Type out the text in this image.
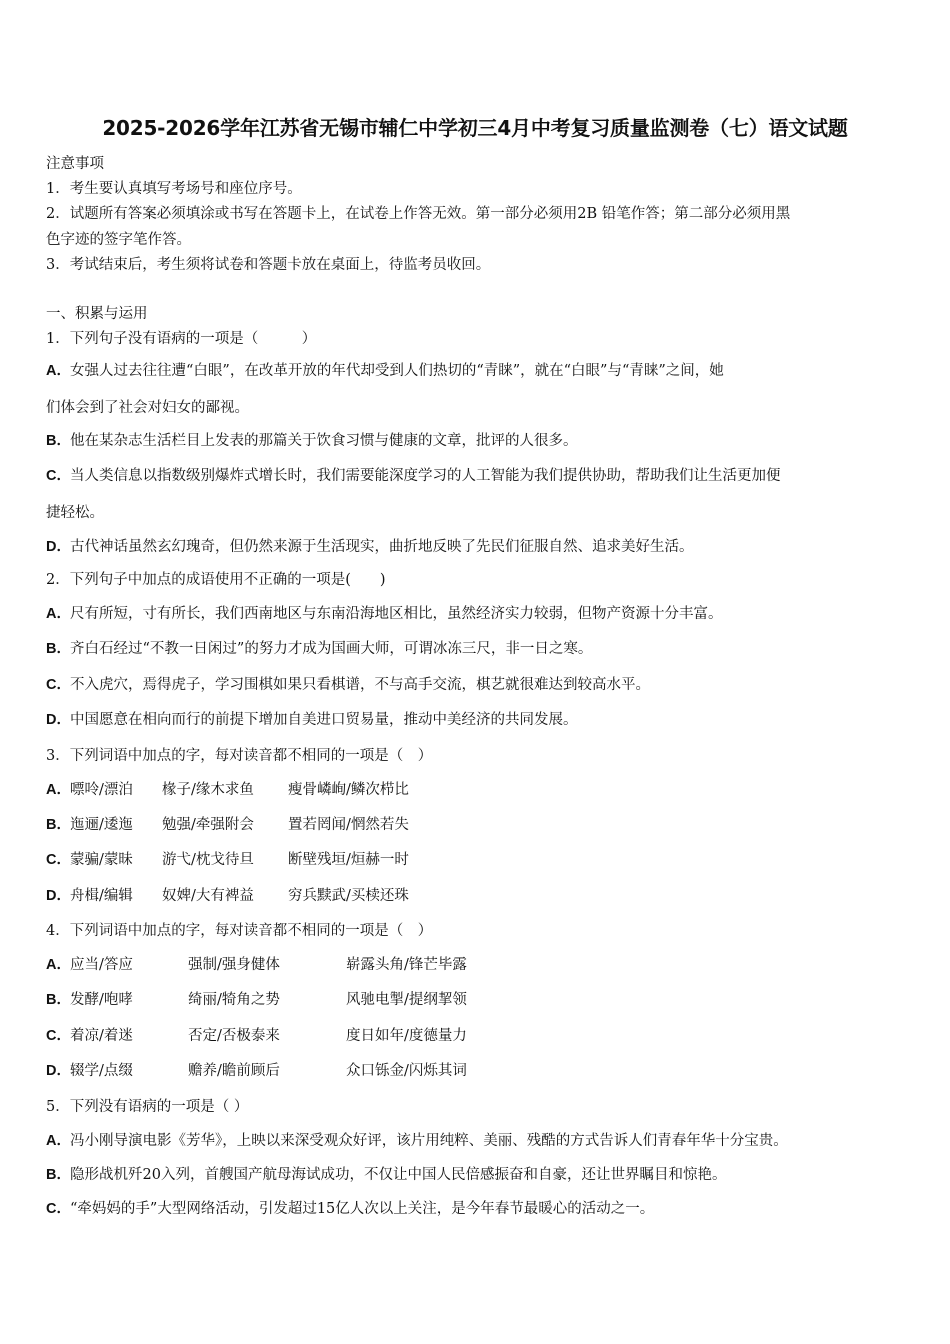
2025-2026学年江苏省无锡市辅仁中学初三4月中考复习质量监测卷（七）语文试题
注意事项
1．考生要认真填写考场号和座位序号。
2．试题所有答案必须填涂或书写在答题卡上，在试卷上作答无效。第一部分必须用2B 铅笔作答；第二部分必须用黑
色字迹的签字笔作答。
3．考试结束后，考生须将试卷和答题卡放在桌面上，待监考员收回。
一、积累与运用
1．下列句子没有语病的一项是（　　　）
A．女强人过去往往遭“白眼”，在改革开放的年代却受到人们热切的“青睐”，就在“白眼”与“青睐”之间，她
们体会到了社会对妇女的鄙视。
B．他在某杂志生活栏目上发表的那篇关于饮食习惯与健康的文章，批评的人很多。
C．当人类信息以指数级别爆炸式增长时，我们需要能深度学习的人工智能为我们提供协助，帮助我们让生活更加便
捷轻松。
D．古代神话虽然玄幻瑰奇，但仍然来源于生活现实，曲折地反映了先民们征服自然、追求美好生活。
2．下列句子中加点的成语使用不正确的一项是(　　)
A．尺有所短，寸有所长，我们西南地区与东南沿海地区相比，虽然经济实力较弱，但物产资源十分丰富。
B．齐白石经过“不教一日闲过”的努力才成为国画大师，可谓冰冻三尺，非一日之寒。
C．不入虎穴，焉得虎子，学习围棋如果只看棋谱，不与高手交流，棋艺就很难达到较高水平。
D．中国愿意在相向而行的前提下增加自美进口贸易量，推动中美经济的共同发展。
3．下列词语中加点的字，每对读音都不相同的一项是（　）
A．嘌呤/漂泊 椽子/缘木求鱼 瘦骨嶙峋/鳞次栉比
B．迤逦/逶迤 勉强/牵强附会 置若罔闻/惘然若失
C．蒙骗/蒙昧 游弋/枕戈待旦 断壁残垣/烜赫一时
D．舟楫/编辑 奴婢/大有裨益 穷兵黩武/买椟还珠
4．下列词语中加点的字，每对读音都不相同的一项是（　）
A．应当/答应	强制/强身健体	崭露头角/锋芒毕露
B．发酵/咆哮	绮丽/犄角之势	风驰电掣/提纲挈领
C．着凉/着迷	否定/否极泰来	度日如年/度德量力
D．辍学/点缀	赡养/瞻前顾后	众口铄金/闪烁其词
5．下列没有语病的一项是（ ）
A．冯小刚导演电影《芳华》，上映以来深受观众好评，该片用纯粹、美丽、残酷的方式告诉人们青春年华十分宝贵。
B．隐形战机歼20入列，首艘国产航母海试成功，不仅让中国人民倍感振奋和自豪，还让世界瞩目和惊艳。
C．“牵妈妈的手”大型网络活动，引发超过15亿人次以上关注，是今年春节最暖心的活动之一。
